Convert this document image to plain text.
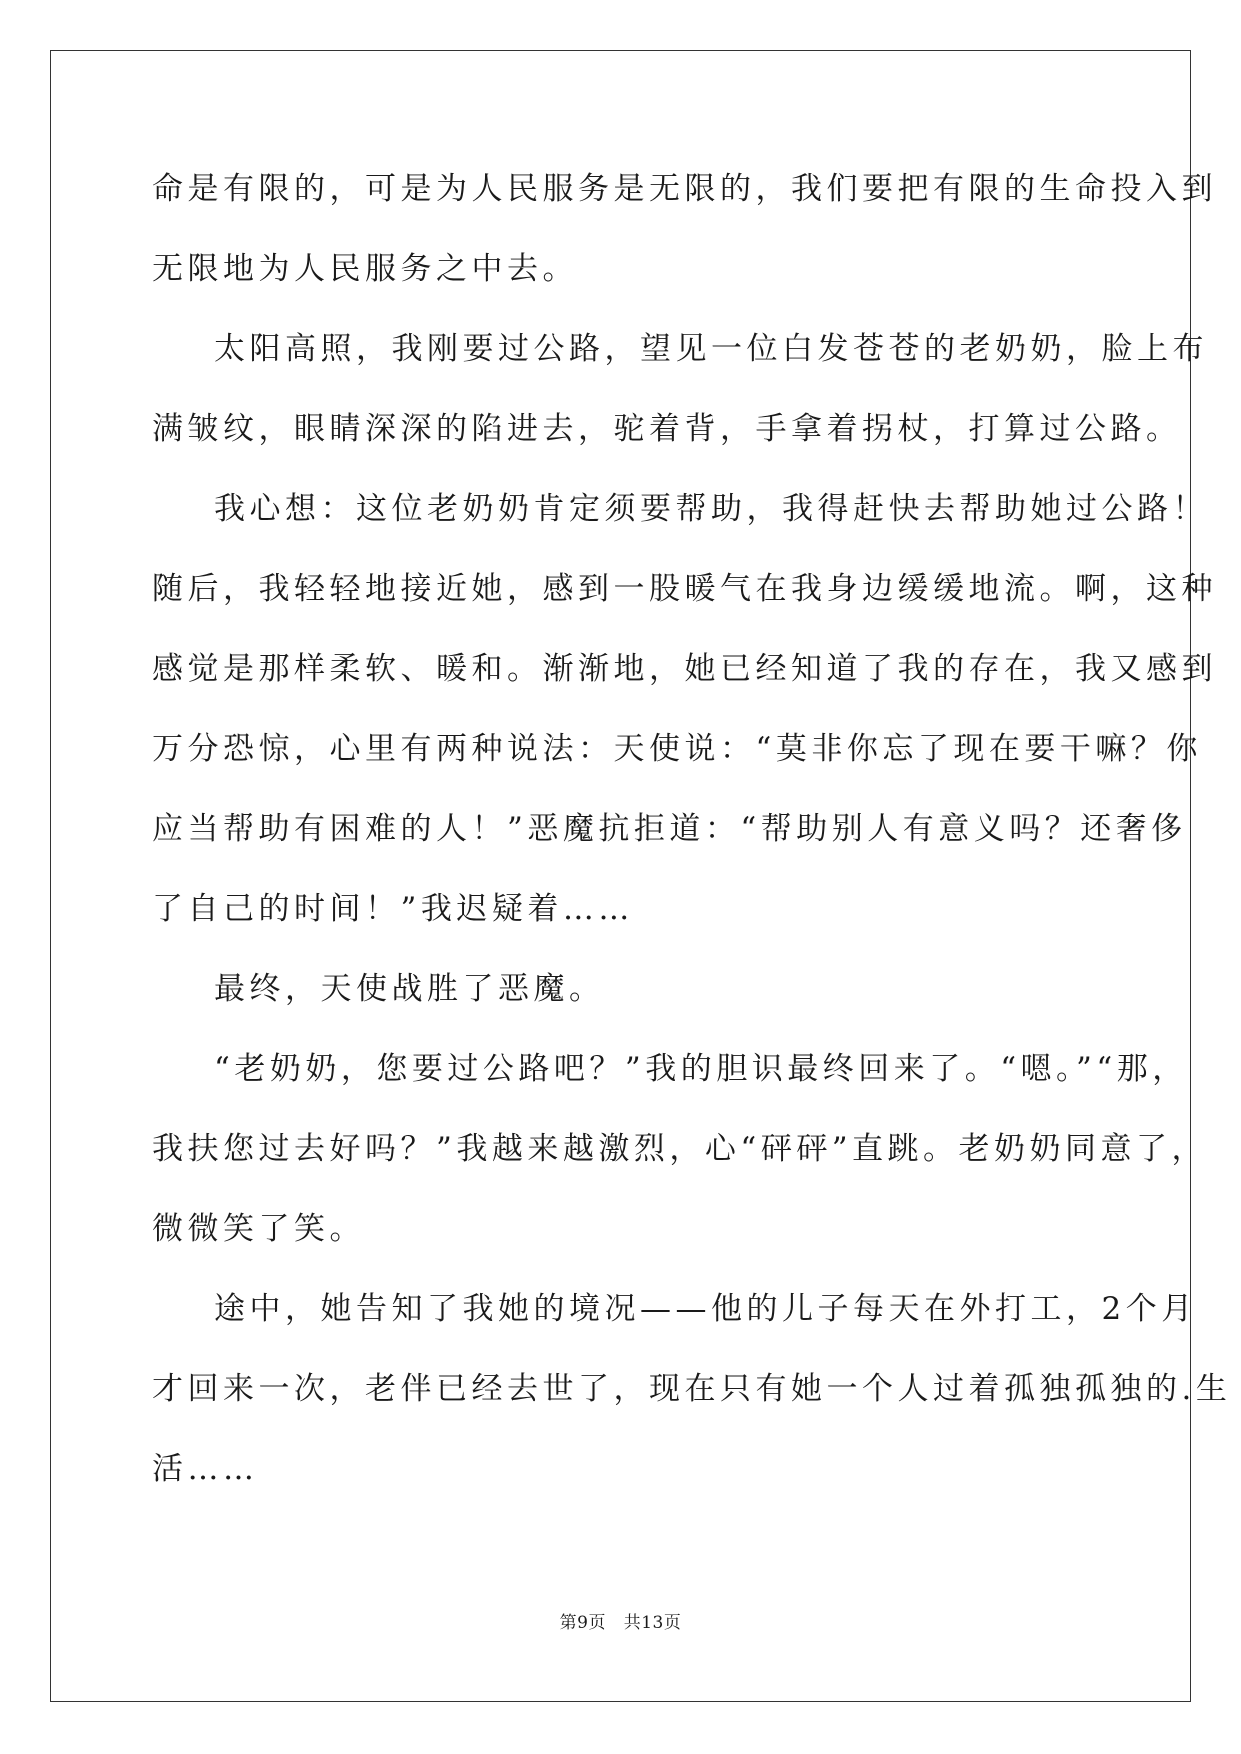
命是有限的，可是为人民服务是无限的，我们要把有限的生命投入到
无限地为人民服务之中去。
太阳高照，我刚要过公路，望见一位白发苍苍的老奶奶，脸上布
满皱纹，眼睛深深的陷进去，驼着背，手拿着拐杖，打算过公路。
我心想：这位老奶奶肯定须要帮助，我得赶快去帮助她过公路！
随后，我轻轻地接近她，感到一股暖气在我身边缓缓地流。啊，这种
感觉是那样柔软、暖和。渐渐地，她已经知道了我的存在，我又感到
万分恐惊，心里有两种说法：天使说：“莫非你忘了现在要干嘛？你
应当帮助有困难的人！”恶魔抗拒道：“帮助别人有意义吗？还奢侈
了自己的时间！”我迟疑着……
最终，天使战胜了恶魔。
“老奶奶，您要过公路吧？”我的胆识最终回来了。“嗯。”“那，
我扶您过去好吗？”我越来越激烈，心“砰砰”直跳。老奶奶同意了，
微微笑了笑。
途中，她告知了我她的境况——他的儿子每天在外打工，2个月
才回来一次，老伴已经去世了，现在只有她一个人过着孤独孤独的.生
活……
第9页 共13页
